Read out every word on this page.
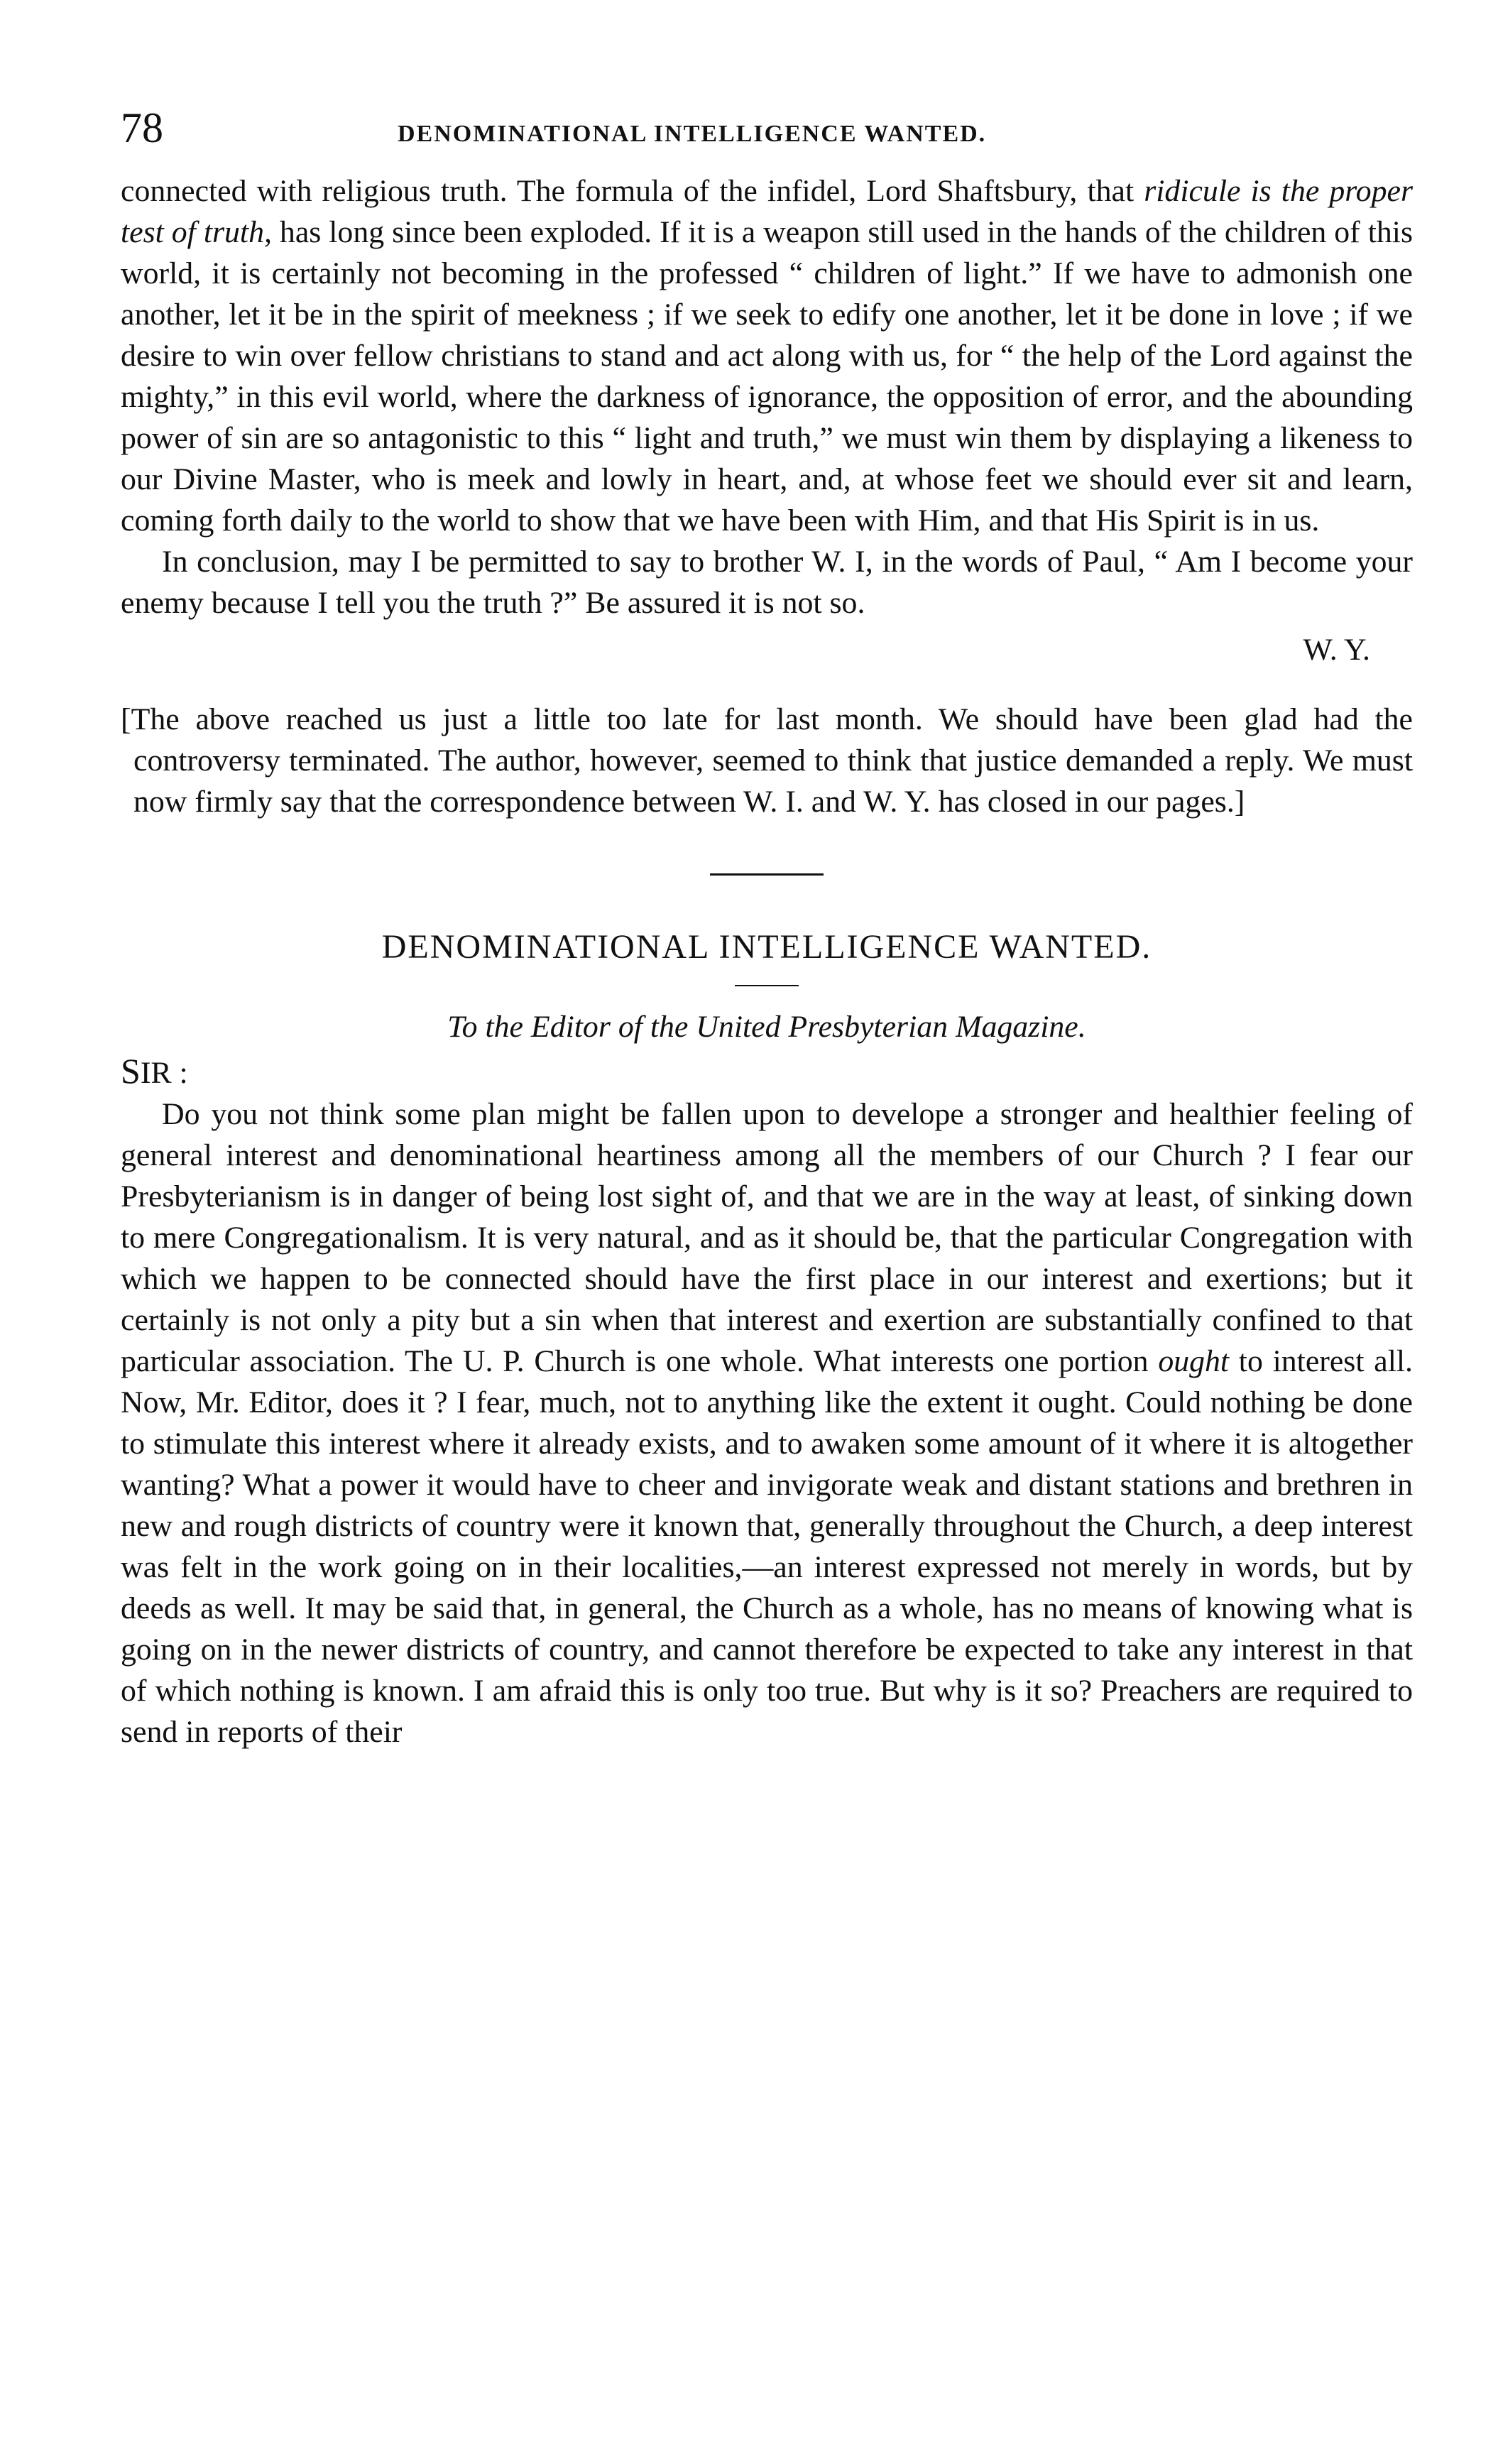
78	DENOMINATIONAL INTELLIGENCE WANTED.

connected with religious truth. The formula of the infidel, Lord Shaftsbury, that ridicule is the proper test of truth, has long since been exploded. If it is a weapon still used in the hands of the children of this world, it is certainly not becoming in the professed “ children of light.” If we have to admonish one another, let it be in the spirit of meekness ; if we seek to edify one another, let it be done in love ; if we desire to win over fellow christians to stand and act along with us, for “ the help of the Lord against the mighty,” in this evil world, where the darkness of ignorance, the opposition of error, and the abounding power of sin are so antagonistic to this “ light and truth,” we must win them by displaying a likeness to our Divine Master, who is meek and lowly in heart, and, at whose feet we should ever sit and learn, coming forth daily to the world to show that we have been with Him, and that His Spirit is in us.

In conclusion, may I be permitted to say to brother W. I, in the words of Paul, “ Am I become your enemy because I tell you the truth ?” Be assured it is not so.

W. Y.

[The above reached us just a little too late for last month. We should have been glad had the controversy terminated. The author, however, seemed to think that justice demanded a reply. We must now firmly say that the correspondence between W. I. and W. Y. has closed in our pages.]

DENOMINATIONAL INTELLIGENCE WANTED.
To the Editor of the United Presbyterian Magazine.
SIR :

Do you not think some plan might be fallen upon to develope a stronger and healthier feeling of general interest and denominational heartiness among all the members of our Church ? I fear our Presbyterianism is in danger of being lost sight of, and that we are in the way at least, of sinking down to mere Congregationalism. It is very natural, and as it should be, that the particular Congregation with which we happen to be connected should have the first place in our interest and exertions; but it certainly is not only a pity but a sin when that interest and exertion are substantially confined to that particular association. The U. P. Church is one whole. What interests one portion ought to interest all. Now, Mr. Editor, does it ? I fear, much, not to anything like the extent it ought. Could nothing be done to stimulate this interest where it already exists, and to awaken some amount of it where it is altogether wanting? What a power it would have to cheer and invigorate weak and distant stations and brethren in new and rough districts of country were it known that, generally throughout the Church, a deep interest was felt in the work going on in their localities,—an interest expressed not merely in words, but by deeds as well. It may be said that, in general, the Church as a whole, has no means of knowing what is going on in the newer districts of country, and cannot therefore be expected to take any interest in that of which nothing is known. I am afraid this is only too true. But why is it so? Preachers are required to send in reports of their
